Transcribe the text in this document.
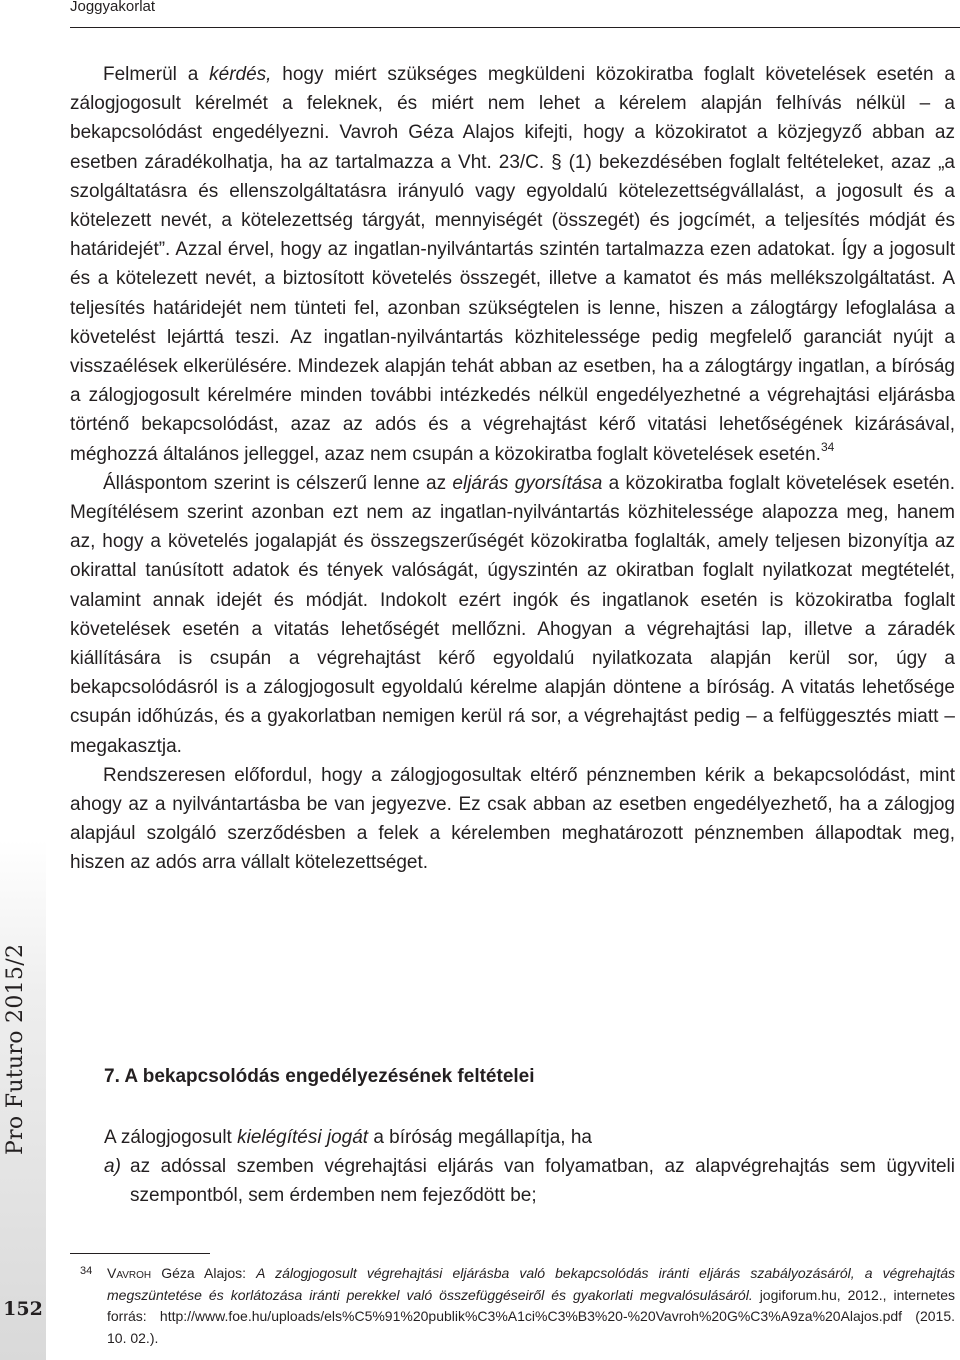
Joggyakorlat
Pro Futuro 2015/2
152

Felmerül a kérdés, hogy miért szükséges megküldeni közokiratba foglalt követelések esetén a zálogjogosult kérelmét a feleknek, és miért nem lehet a kérelem alapján felhívás nélkül – a bekapcsolódást engedélyezni. Vavroh Géza Alajos kifejti, hogy a közokiratot a közjegyző abban az esetben záradékolhatja, ha az tartalmazza a Vht. 23/C. § (1) bekezdésében foglalt feltételeket, azaz „a szolgáltatásra és ellenszolgáltatásra irányuló vagy egyoldalú kötelezettségvállalást, a jogosult és a kötelezett nevét, a kötelezettség tárgyát, mennyiségét (összegét) és jogcímét, a teljesítés módját és határidejét”. Azzal érvel, hogy az ingatlan-nyilvántartás szintén tartalmazza ezen adatokat. Így a jogosult és a kötelezett nevét, a biztosított követelés összegét, illetve a kamatot és más mellékszolgáltatást. A teljesítés határidejét nem tünteti fel, azonban szükségtelen is lenne, hiszen a zálogtárgy lefoglalása a követelést lejárttá teszi. Az ingatlan-nyilvántartás közhitelessége pedig megfelelő garanciát nyújt a visszaélések elkerülésére. Mindezek alapján tehát abban az esetben, ha a zálogtárgy ingatlan, a bíróság a zálogjogosult kérelmére minden további intézkedés nélkül engedélyezhetné a végrehajtási eljárásba történő bekapcsolódást, azaz az adós és a végrehajtást kérő vitatási lehetőségének kizárásával, méghozzá általános jelleggel, azaz nem csupán a közokiratba foglalt követelések esetén.$^{34}$

Álláspontom szerint is célszerű lenne az eljárás gyorsítása a közokiratba foglalt követelések esetén. Megítélésem szerint azonban ezt nem az ingatlan-nyilvántartás közhitelessége alapozza meg, hanem az, hogy a követelés jogalapját és összegszerűségét közokiratba foglalták, amely teljesen bizonyítja az okirattal tanúsított adatok és tények valóságát, úgyszintén az okiratban foglalt nyilatkozat megtételét, valamint annak idejét és módját. Indokolt ezért ingók és ingatlanok esetén is közokiratba foglalt követelések esetén a vitatás lehetőségét mellőzni. Ahogyan a végrehajtási lap, illetve a záradék kiállítására is csupán a végrehajtást kérő egyoldalú nyilatkozata alapján kerül sor, úgy a bekapcsolódásról is a zálogjogosult egyoldalú kérelme alapján döntene a bíróság. A vitatás lehetősége csupán időhúzás, és a gyakorlatban nemigen kerül rá sor, a végrehajtást pedig – a felfüggesztés miatt – megakasztja.

Rendszeresen előfordul, hogy a zálogjogosultak eltérő pénznemben kérik a bekapcsolódást, mint ahogy az a nyilvántartásba be van jegyezve. Ez csak abban az esetben engedélyezhető, ha a zálogjog alapjául szolgáló szerződésben a felek a kérelemben meghatározott pénznemben állapodtak meg, hiszen az adós arra vállalt kötelezettséget.

7. A bekapcsolódás engedélyezésének feltételei

A zálogjogosult kielégítési jogát a bíróság megállapítja, ha

a) az adóssal szemben végrehajtási eljárás van folyamatban, az alapvégrehajtás sem ügyviteli szempontból, sem érdemben nem fejeződött be;

34	Vavroh Géza Alajos: A zálogjogosult végrehajtási eljárásba való bekapcsolódás iránti eljárás szabályozásáról, a végrehajtás megszüntetése és korlátozása iránti perekkel való összefüggéseiről és gyakorlati megvalósulásáról. jogiforum.hu, 2012., internetes forrás: http://www.foe.hu/uploads/els%C5%91%20publik%C3%A1ci%C3%B3%20-%20Vavroh%20G%C3%A9za%20Alajos.pdf (2015. 10. 02.).
